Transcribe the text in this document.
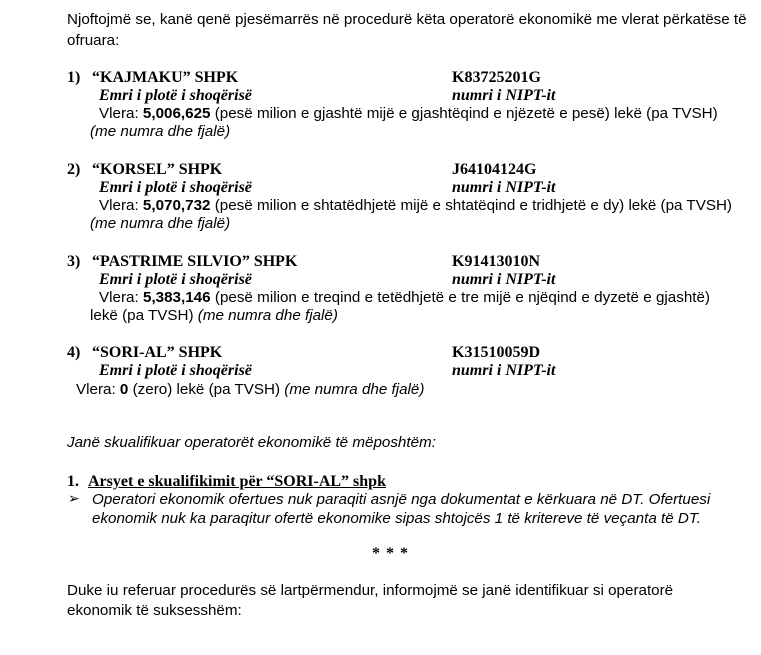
Njoftojmë se, kanë qenë pjesëmarrës në procedurë këta operatorë ekonomikë me vlerat përkatëse të
ofruara:
1) “KAJMAKU” SHPK	K83725201G
Emri i plotë i shoqërisë	numri i NIPT-it
Vlera: 5,006,625 (pesë milion e gjashtë mijë e gjashtëqind e njëzetë e pesë) lekë (pa TVSH)
(me numra dhe fjalë)
2) “KORSEL” SHPK	J64104124G
Emri i plotë i shoqërisë	numri i NIPT-it
Vlera: 5,070,732 (pesë milion e shtatëdhjetë mijë e shtatëqind e tridhjetë e dy) lekë (pa TVSH)
(me numra dhe fjalë)
3) “PASTRIME SILVIO” SHPK	K91413010N
Emri i plotë i shoqërisë	numri i NIPT-it
Vlera: 5,383,146 (pesë milion e treqind e tetëdhjetë e tre mijë e njëqind e dyzetë e gjashtë)
lekë (pa TVSH) (me numra dhe fjalë)
4) “SORI-AL” SHPK	K31510059D
Emri i plotë i shoqërisë	numri i NIPT-it
Vlera: 0 (zero) lekë (pa TVSH) (me numra dhe fjalë)
Janë skualifikuar operatorët ekonomikë të mëposhtëm:
1. Arsyet e skualifikimit për “SORI-AL” shpk
➢ Operatori ekonomik ofertues nuk paraqiti asnjë nga dokumentat e kërkuara në DT. Ofertuesi
ekonomik nuk ka paraqitur ofertë ekonomike sipas shtojcës 1 të kritereve të veçanta të DT.
* * *
Duke iu referuar procedurës së lartpërmendur, informojmë se janë identifikuar si operatorë
ekonomik të suksesshëm:
